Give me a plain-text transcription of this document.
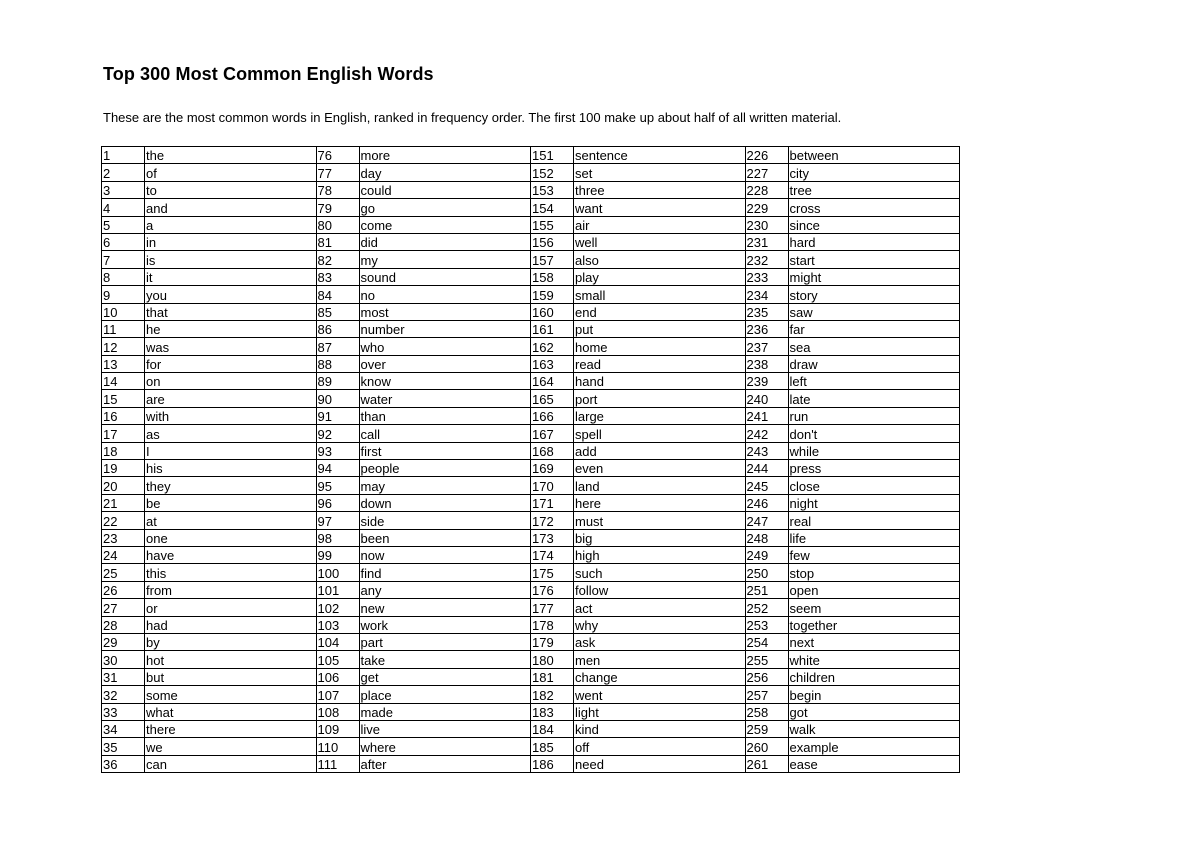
Top 300 Most Common English Words

These are the most common words in English, ranked in frequency order. The first 100 make up about half of all written material.

1	the	76	more	151	sentence	226	between
2	of	77	day	152	set	227	city
3	to	78	could	153	three	228	tree
4	and	79	go	154	want	229	cross
5	a	80	come	155	air	230	since
6	in	81	did	156	well	231	hard
7	is	82	my	157	also	232	start
8	it	83	sound	158	play	233	might
9	you	84	no	159	small	234	story
10	that	85	most	160	end	235	saw
11	he	86	number	161	put	236	far
12	was	87	who	162	home	237	sea
13	for	88	over	163	read	238	draw
14	on	89	know	164	hand	239	left
15	are	90	water	165	port	240	late
16	with	91	than	166	large	241	run
17	as	92	call	167	spell	242	don't
18	I	93	first	168	add	243	while
19	his	94	people	169	even	244	press
20	they	95	may	170	land	245	close
21	be	96	down	171	here	246	night
22	at	97	side	172	must	247	real
23	one	98	been	173	big	248	life
24	have	99	now	174	high	249	few
25	this	100	find	175	such	250	stop
26	from	101	any	176	follow	251	open
27	or	102	new	177	act	252	seem
28	had	103	work	178	why	253	together
29	by	104	part	179	ask	254	next
30	hot	105	take	180	men	255	white
31	but	106	get	181	change	256	children
32	some	107	place	182	went	257	begin
33	what	108	made	183	light	258	got
34	there	109	live	184	kind	259	walk
35	we	110	where	185	off	260	example
36	can	111	after	186	need	261	ease
